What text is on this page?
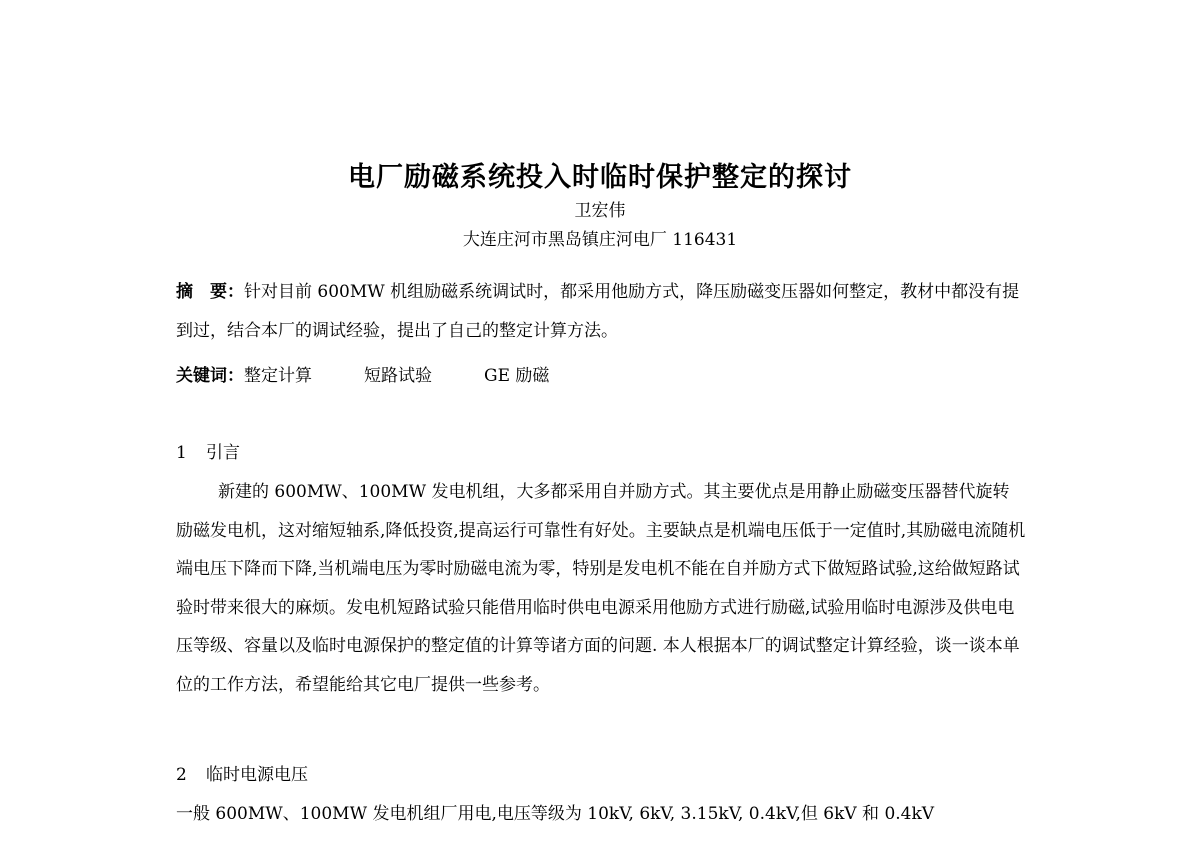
电厂励磁系统投入时临时保护整定的探讨
卫宏伟
大连庄河市黑岛镇庄河电厂 116431
摘　要：针对目前 600MW 机组励磁系统调试时，都采用他励方式，降压励磁变压器如何整定，教材中都没有提到过，结合本厂的调试经验，提出了自己的整定计算方法。
关键词：整定计算	短路试验	GE 励磁
1 引言
新建的 600MW、100MW 发电机组，大多都采用自并励方式。其主要优点是用静止励磁变压器替代旋转励磁发电机，这对缩短轴系,降低投资,提高运行可靠性有好处。主要缺点是机端电压低于一定值时,其励磁电流随机端电压下降而下降,当机端电压为零时励磁电流为零，特别是发电机不能在自并励方式下做短路试验,这给做短路试验时带来很大的麻烦。发电机短路试验只能借用临时供电电源采用他励方式进行励磁,试验用临时电源涉及供电电压等级、容量以及临时电源保护的整定值的计算等诸方面的问题. 本人根据本厂的调试整定计算经验，谈一谈本单位的工作方法，希望能给其它电厂提供一些参考。
2 临时电源电压
一般 600MW、100MW 发电机组厂用电,电压等级为 10kV, 6kV, 3.15kV, 0.4kV,但 6kV 和 0.4kV
